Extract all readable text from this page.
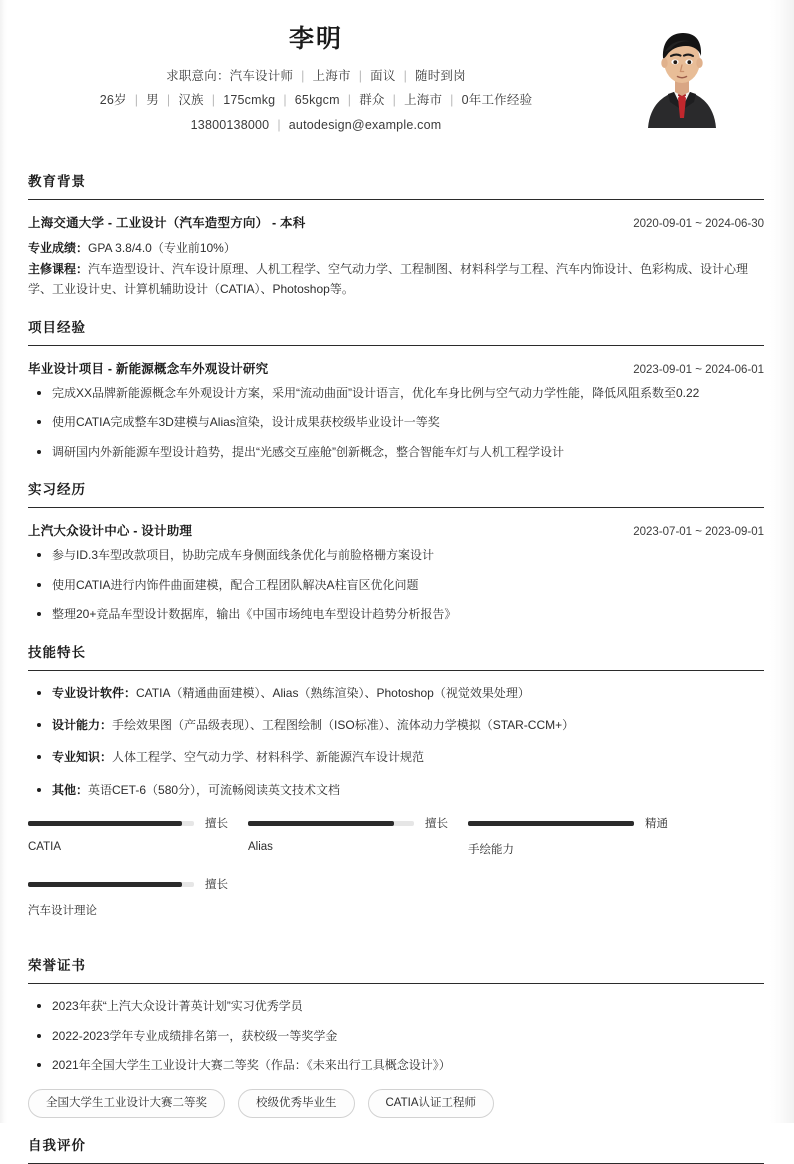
李明
求职意向：汽车设计师 | 上海市 | 面议 | 随时到岗
26岁 | 男 | 汉族 | 175cmkg | 65kgcm | 群众 | 上海市 | 0年工作经验
13800138000 | autodesign@example.com
教育背景
上海交通大学 - 工业设计（汽车造型方向） - 本科	2020-09-01 ~ 2024-06-30
专业成绩：GPA 3.8/4.0（专业前10%）
主修课程：汽车造型设计、汽车设计原理、人机工程学、空气动力学、工程制图、材料科学与工程、汽车内饰设计、色彩构成、设计心理学、工业设计史、计算机辅助设计（CATIA）、Photoshop等。
项目经验
毕业设计项目 - 新能源概念车外观设计研究	2023-09-01 ~ 2024-06-01
完成XX品牌新能源概念车外观设计方案，采用“流动曲面”设计语言，优化车身比例与空气动力学性能，降低风阻系数至0.22
使用CATIA完成整车3D建模与Alias渲染，设计成果获校级毕业设计一等奖
调研国内外新能源车型设计趋势，提出“光感交互座舱”创新概念，整合智能车灯与人机工程学设计
实习经历
上汽大众设计中心 - 设计助理	2023-07-01 ~ 2023-09-01
参与ID.3车型改款项目，协助完成车身侧面线条优化与前脸格栅方案设计
使用CATIA进行内饰件曲面建模，配合工程团队解决A柱盲区优化问题
整理20+竞品车型设计数据库，输出《中国市场纯电车型设计趋势分析报告》
技能特长
专业设计软件：CATIA（精通曲面建模）、Alias（熟练渲染）、Photoshop（视觉效果处理）
设计能力：手绘效果图（产品级表现）、工程图绘制（ISO标准）、流体动力学模拟（STAR-CCM+）
专业知识：人体工程学、空气动力学、材料科学、新能源汽车设计规范
其他：英语CET-6（580分），可流畅阅读英文技术文档
擅长
CATIA
擅长
Alias
精通
手绘能力
擅长
汽车设计理论
荣誉证书
2023年获“上汽大众设计菁英计划”实习优秀学员
2022-2023学年专业成绩排名第一，获校级一等奖学金
2021年全国大学生工业设计大赛二等奖（作品：《未来出行工具概念设计》）
全国大学生工业设计大赛二等奖	校级优秀毕业生	CATIA认证工程师
自我评价
